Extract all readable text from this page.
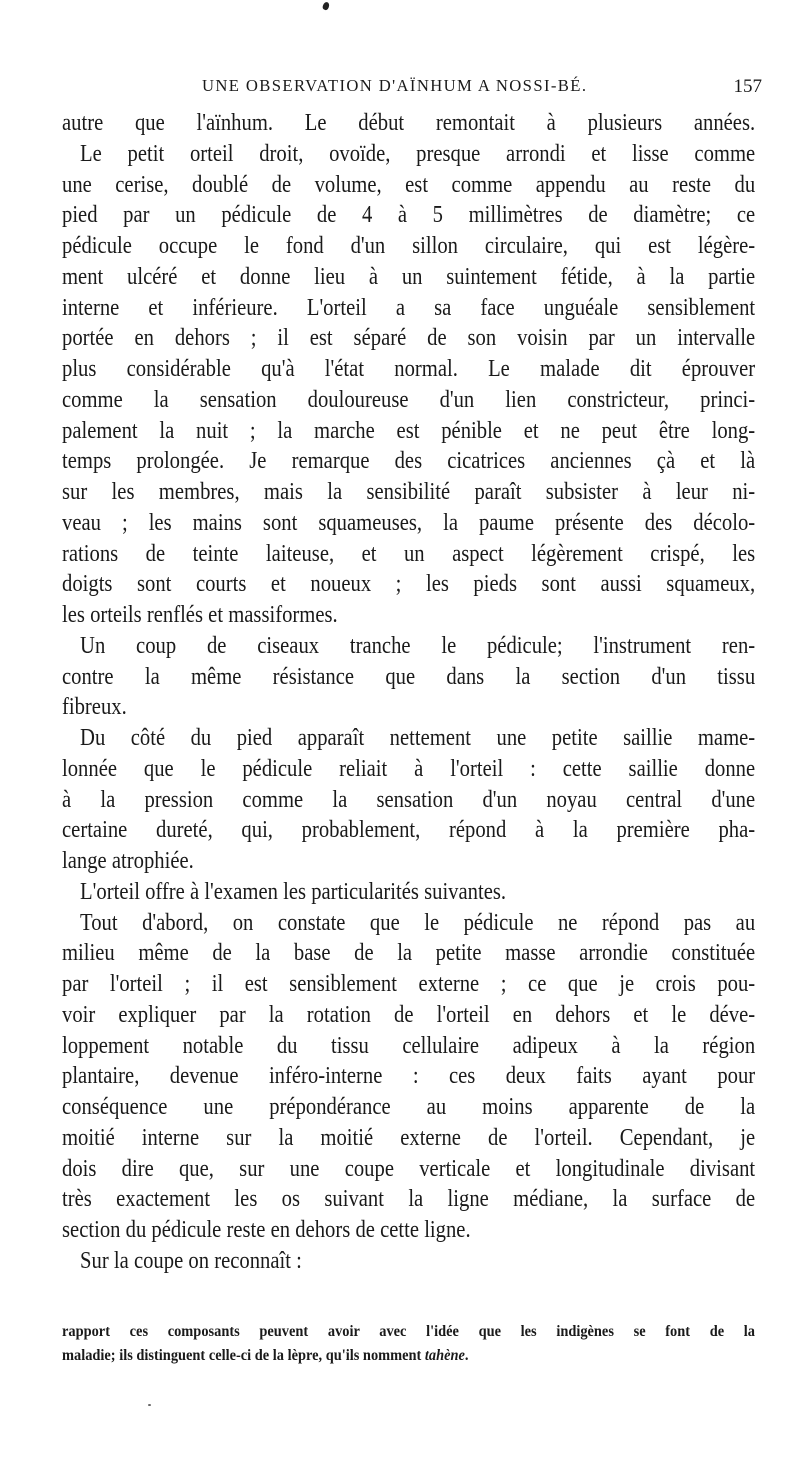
UNE OBSERVATION D'AÏNHUM A NOSSI-BÉ.	157
autre que l'aïnhum. Le début remontait à plusieurs années.
Le petit orteil droit, ovoïde, presque arrondi et lisse comme
une cerise, doublé de volume, est comme appendu au reste du
pied par un pédicule de 4 à 5 millimètres de diamètre; ce
pédicule occupe le fond d'un sillon circulaire, qui est légère-
ment ulcéré et donne lieu à un suintement fétide, à la partie
interne et inférieure. L'orteil a sa face unguéale sensiblement
portée en dehors ; il est séparé de son voisin par un intervalle
plus considérable qu'à l'état normal. Le malade dit éprouver
comme la sensation douloureuse d'un lien constricteur, princi-
palement la nuit ; la marche est pénible et ne peut être long-
temps prolongée. Je remarque des cicatrices anciennes çà et là
sur les membres, mais la sensibilité paraît subsister à leur ni-
veau ; les mains sont squameuses, la paume présente des décolo-
rations de teinte laiteuse, et un aspect légèrement crispé, les
doigts sont courts et noueux ; les pieds sont aussi squameux,
les orteils renflés et massiformes.
Un coup de ciseaux tranche le pédicule; l'instrument ren-
contre la même résistance que dans la section d'un tissu
fibreux.
Du côté du pied apparaît nettement une petite saillie mame-
lonnée que le pédicule reliait à l'orteil : cette saillie donne
à la pression comme la sensation d'un noyau central d'une
certaine dureté, qui, probablement, répond à la première pha-
lange atrophiée.
L'orteil offre à l'examen les particularités suivantes.
Tout d'abord, on constate que le pédicule ne répond pas au
milieu même de la base de la petite masse arrondie constituée
par l'orteil ; il est sensiblement externe ; ce que je crois pou-
voir expliquer par la rotation de l'orteil en dehors et le déve-
loppement notable du tissu cellulaire adipeux à la région
plantaire, devenue inféro-interne : ces deux faits ayant pour
conséquence une prépondérance au moins apparente de la
moitié interne sur la moitié externe de l'orteil. Cependant, je
dois dire que, sur une coupe verticale et longitudinale divisant
très exactement les os suivant la ligne médiane, la surface de
section du pédicule reste en dehors de cette ligne.
Sur la coupe on reconnaît :
rapport ces composants peuvent avoir avec l'idée que les indigènes se font de la
maladie; ils distinguent celle-ci de la lèpre, qu'ils nomment tahène.
